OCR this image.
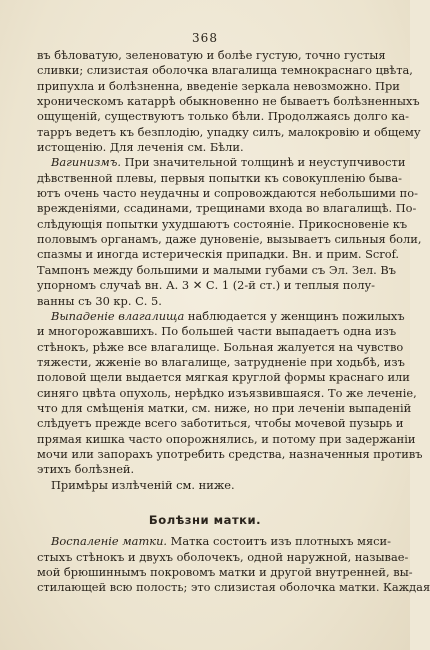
368
въ бѣловатую, зеленоватую и болѣе густую, точно густыя
сливки; слизистая оболочка влагалища темнокраснаго цвѣта,
припухла и болѣзненна, введеніе зеркала невозможно. При
хроническомъ катаррѣ обыкновенно не бываетъ болѣзненныхъ
ощущеній, существуютъ только бѣли. Продолжаясь долго ка-
тарръ ведетъ къ безплодію, упадку силъ, малокровію и общему
истощенію. Для леченія см. Бѣли.
Вагинизмъ. При значительной толщинѣ и неуступчивости
дѣвственной плевы, первыя попытки къ совокупленію быва-
ютъ очень часто неудачны и сопровождаются небольшими по-
врежденіями, ссадинами, трещинами входа во влагалищѣ. По-
слѣдующія попытки ухудшаютъ состояніе. Прикосновеніе къ
половымъ органамъ, даже дуновеніе, вызываетъ сильныя боли,
спазмы и иногда истерическія припадки. Вн. и прим. Scrof.
Тампонъ между большими и малыми губами съ Эл. Зел. Въ
упорномъ случаѣ вн. А. 3 ✕ С. 1 (2-й ст.) и теплыя полу-
ванны съ 30 кр. С. 5.
Выпаденіе влагалища наблюдается у женщинъ пожилыхъ
и многорожавшихъ. По большей части выпадаетъ одна изъ
стѣнокъ, рѣже все влагалище. Больная жалуется на чувство
тяжести, жженіе во влагалище, затрудненіе при ходьбѣ, изъ
половой щели выдается мягкая круглой формы краснаго или
синяго цвѣта опухоль, нерѣдко изъязвившаяся. То же леченіе,
что для смѣщенія матки, см. ниже, но при леченіи выпаденій
слѣдуетъ прежде всего заботиться, чтобы мочевой пузырь и
прямая кишка часто опорожнялись, и потому при задержаніи
мочи или запорахъ употребить средства, назначенныя противъ
этихъ болѣзней.
Примѣры излѣченій см. ниже.
Болѣзни матки.
Воспаленіе матки. Матка состоитъ изъ плотныхъ мяси-
стыхъ стѣнокъ и двухъ оболочекъ, одной наружной, называе-
мой брюшиннымъ покровомъ матки и другой внутренней, вы-
стилающей всю полость; это слизистая оболочка матки. Каждая
